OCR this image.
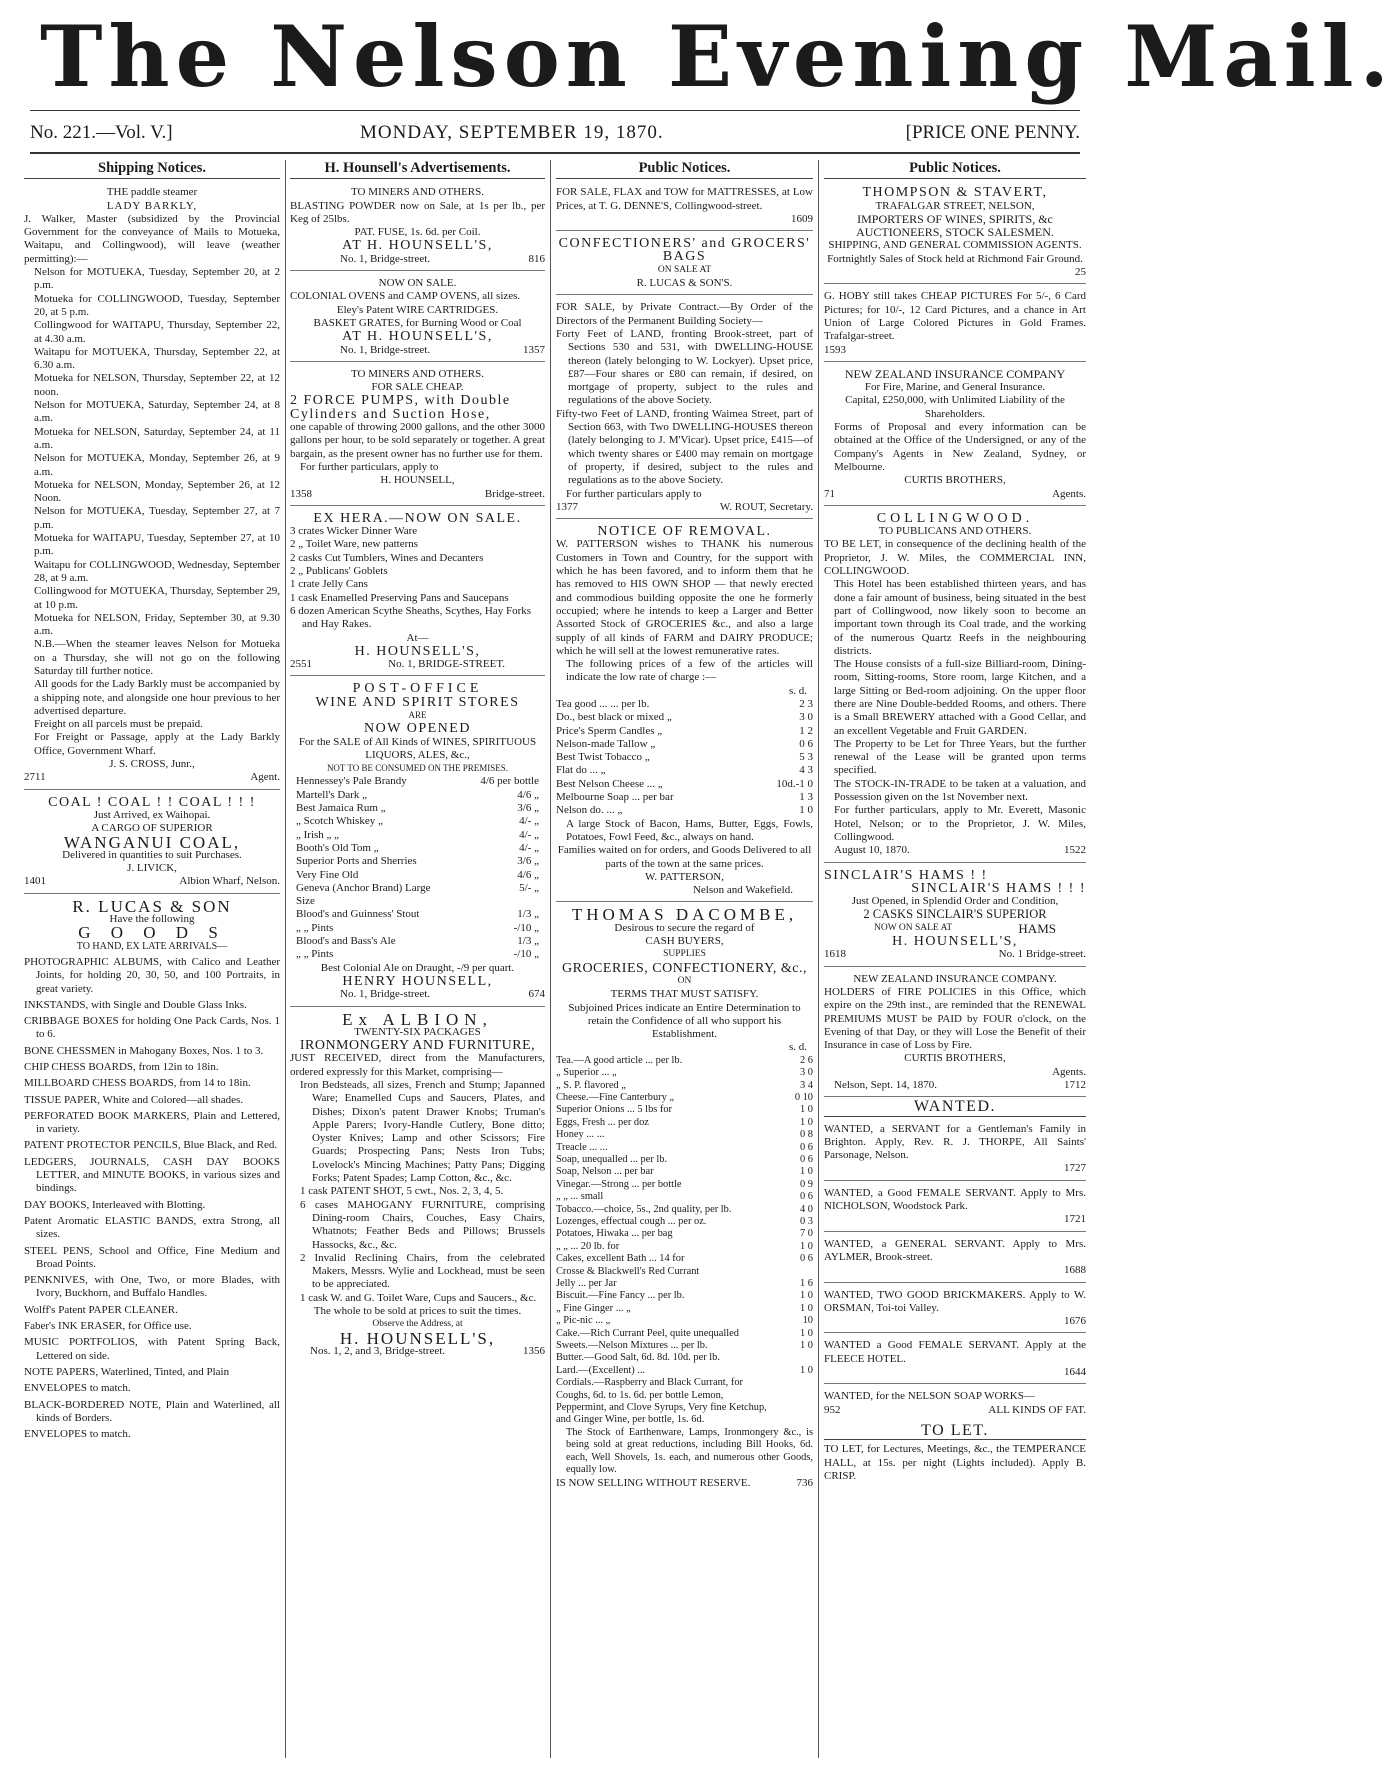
The Nelson Evening Mail.
No. 221.—Vol. V.]	MONDAY, SEPTEMBER 19, 1870.	[PRICE ONE PENNY.
Shipping Notices.
THE paddle steamer
LADY BARKLY,
J. Walker, Master (subsidized by the Provincial Government for the conveyance of Mails to Motueka, Waitapu, and Collingwood), will leave (weather permitting):—
Nelson for MOTUEKA, Tuesday, September 20, at 2 p.m.
Motueka for COLLINGWOOD, Tuesday, September 20, at 5 p.m.
Collingwood for WAITAPU, Thursday, September 22, at 4.30 a.m.
Waitapu for MOTUEKA, Thursday, September 22, at 6.30 a.m.
Motueka for NELSON, Thursday, September 22, at 12 noon.
Nelson for MOTUEKA, Saturday, September 24, at 8 a.m.
Motueka for NELSON, Saturday, September 24, at 11 a.m.
Nelson for MOTUEKA, Monday, September 26, at 9 a.m.
Motueka for NELSON, Monday, September 26, at 12 Noon.
Nelson for MOTUEKA, Tuesday, September 27, at 7 p.m.
Motueka for WAITAPU, Tuesday, September 27, at 10 p.m.
Waitapu for COLLINGWOOD, Wednesday, September 28, at 9 a.m.
Collingwood for MOTUEKA, Thursday, September 29, at 10 p.m.
Motueka for NELSON, Friday, September 30, at 9.30 a.m.
N.B.—When the steamer leaves Nelson for Motueka on a Thursday, she will not go on the following Saturday till further notice.
All goods for the Lady Barkly must be accompanied by a shipping note, and alongside one hour previous to her advertised departure.
Freight on all parcels must be prepaid.
For Freight or Passage, apply at the Lady Barkly Office, Government Wharf.
J. S. CROSS, Junr.,
2711	Agent.
COAL ! COAL ! ! COAL ! ! !
Just Arrived, ex Waihopai.
A CARGO OF SUPERIOR
WANGANUI COAL,
Delivered in quantities to suit Purchases.
J. LIVICK,
1401	Albion Wharf, Nelson.
R. LUCAS & SON
Have the following
G O O D S
TO HAND, EX LATE ARRIVALS—
PHOTOGRAPHIC ALBUMS, with Calico and Leather Joints, for holding 20, 30, 50, and 100 Portraits, in great variety.
INKSTANDS, with Single and Double Glass Inks.
CRIBBAGE BOXES for holding One Pack Cards, Nos. 1 to 6.
BONE CHESSMEN in Mahogany Boxes, Nos. 1 to 3.
CHIP CHESS BOARDS, from 12in to 18in.
MILLBOARD CHESS BOARDS, from 14 to 18in.
TISSUE PAPER, White and Colored—all shades.
PERFORATED BOOK MARKERS, Plain and Lettered, in variety.
PATENT PROTECTOR PENCILS, Blue Black, and Red.
LEDGERS, JOURNALS, CASH DAY BOOKS LETTER, and MINUTE BOOKS, in various sizes and bindings.
DAY BOOKS, Interleaved with Blotting.
Patent Aromatic ELASTIC BANDS, extra Strong, all sizes.
STEEL PENS, School and Office, Fine Medium and Broad Points.
PENKNIVES, with One, Two, or more Blades, with Ivory, Buckhorn, and Buffalo Handles.
Wolff's Patent PAPER CLEANER.
Faber's INK ERASER, for Office use.
MUSIC PORTFOLIOS, with Patent Spring Back, Lettered on side.
NOTE PAPERS, Waterlined, Tinted, and Plain
ENVELOPES to match.
BLACK-BORDERED NOTE, Plain and Waterlined, all kinds of Borders.
ENVELOPES to match.
H. Hounsell's Advertisements.
TO MINERS AND OTHERS.
BLASTING POWDER now on Sale, at 1s per lb., per Keg of 25lbs.
PAT. FUSE, 1s. 6d. per Coil.
AT H. HOUNSELL'S,
No. 1, Bridge-street.	816
NOW ON SALE.
COLONIAL OVENS and CAMP OVENS, all sizes.
Eley's Patent WIRE CARTRIDGES.
BASKET GRATES, for Burning Wood or Coal
AT H. HOUNSELL'S,
No. 1, Bridge-street.	1357
TO MINERS AND OTHERS.
FOR SALE CHEAP.
2 FORCE PUMPS, with Double Cylinders and Suction Hose,
one capable of throwing 2000 gallons, and the other 3000 gallons per hour, to be sold separately or together. A great bargain, as the present owner has no further use for them.
For further particulars, apply to
H. HOUNSELL,
1358	Bridge-street.
EX HERA.—NOW ON SALE.
3 crates Wicker Dinner Ware
2 „ Toilet Ware, new patterns
2 casks Cut Tumblers, Wines and Decanters
2 „ Publicans' Goblets
1 crate Jelly Cans
1 cask Enamelled Preserving Pans and Saucepans
6 dozen American Scythe Sheaths, Scythes, Hay Forks and Hay Rakes.
At—
H. HOUNSELL'S,
2551	No. 1, BRIDGE-STREET.
POST-OFFICE
WINE AND SPIRIT STORES
ARE
NOW OPENED
For the SALE of All Kinds of WINES, SPIRITUOUS LIQUORS, ALES, &c.,
NOT TO BE CONSUMED ON THE PREMISES.
Hennessey's Pale Brandy	4/6 per bottle
Martell's Dark „	4/6 „
Best Jamaica Rum „	3/6 „
„ Scotch Whiskey „	4/- „
„ Irish „ „	4/- „
Booth's Old Tom „	4/- „
Superior Ports and Sherries	3/6 „
Very Fine Old	4/6 „
Geneva (Anchor Brand) Large Size
5/- „
Blood's and Guinness' Stout	1/3 „
„ „ Pints	-/10 „
Blood's and Bass's Ale	1/3 „
„ „ Pints	-/10 „
Best Colonial Ale on Draught, -/9 per quart.
HENRY HOUNSELL,
No. 1, Bridge-street.	674
Ex ALBION,
TWENTY-SIX PACKAGES
IRONMONGERY AND FURNITURE,
JUST RECEIVED, direct from the Manufacturers, ordered expressly for this Market, comprising—
Iron Bedsteads, all sizes, French and Stump; Japanned Ware; Enamelled Cups and Saucers, Plates, and Dishes; Dixon's patent Drawer Knobs; Truman's Apple Parers; Ivory-Handle Cutlery, Bone ditto; Oyster Knives; Lamp and other Scissors; Fire Guards; Prospecting Pans; Nests Iron Tubs; Lovelock's Mincing Machines; Patty Pans; Digging Forks; Patent Spades; Lamp Cotton, &c., &c.
1 cask PATENT SHOT, 5 cwt., Nos. 2, 3, 4, 5.
6 cases MAHOGANY FURNITURE, comprising Dining-room Chairs, Couches, Easy Chairs, Whatnots; Feather Beds and Pillows; Brussels Hassocks, &c., &c.
2 Invalid Reclining Chairs, from the celebrated Makers, Messrs. Wylie and Lockhead, must be seen to be appreciated.
1 cask W. and G. Toilet Ware, Cups and Saucers., &c.
The whole to be sold at prices to suit the times.
Observe the Address, at
H. HOUNSELL'S,
Nos. 1, 2, and 3, Bridge-street.	1356
Public Notices.
FOR SALE, FLAX and TOW for MATTRESSES, at Low Prices, at T. G. DENNE'S, Collingwood-street.
1609
CONFECTIONERS' and GROCERS' BAGS
ON SALE AT
R. LUCAS & SON'S.
FOR SALE, by Private Contract.—By Order of the Directors of the Permanent Building Society—
Forty Feet of LAND, fronting Brook-street, part of Sections 530 and 531, with DWELLING-HOUSE thereon (lately belonging to W. Lockyer). Upset price, £87—Four shares or £80 can remain, if desired, on mortgage of property, subject to the rules and regulations of the above Society.
Fifty-two Feet of LAND, fronting Waimea Street, part of Section 663, with Two DWELLING-HOUSES thereon (lately belonging to J. M'Vicar). Upset price, £415—of which twenty shares or £400 may remain on mortgage of property, if desired, subject to the rules and regulations as to the above Society.
For further particulars apply to
1377	W. ROUT, Secretary.
NOTICE OF REMOVAL.
W. PATTERSON wishes to THANK his numerous Customers in Town and Country, for the support with which he has been favored, and to inform them that he has removed to HIS OWN SHOP — that newly erected and commodious building opposite the one he formerly occupied; where he intends to keep a Larger and Better Assorted Stock of GROCERIES &c., and also a large supply of all kinds of FARM and DAIRY PRODUCE; which he will sell at the lowest remunerative rates.
The following prices of a few of the articles will indicate the low rate of charge :—
s. d.
Tea good ... ... per lb.	2 3
Do., best black or mixed „	3 0
Price's Sperm Candles „	1 2
Nelson-made Tallow „	0 6
Best Twist Tobacco „	5 3
Flat do ... „	4 3
Best Nelson Cheese ... „	10d.-1 0
Melbourne Soap ... per bar	1 3
Nelson do. ... „	1 0
A large Stock of Bacon, Hams, Butter, Eggs, Fowls, Potatoes, Fowl Feed, &c., always on hand.
Families waited on for orders, and Goods Delivered to all parts of the town at the same prices.
W. PATTERSON,
Nelson and Wakefield.
THOMAS DACOMBE,
Desirous to secure the regard of
CASH BUYERS,
SUPPLIES
GROCERIES, CONFECTIONERY, &c.,
ON
TERMS THAT MUST SATISFY.
Subjoined Prices indicate an Entire Determination to retain the Confidence of all who support his Establishment.
s. d.
Tea.—A good article ... per lb.	2 6
„ Superior ... „	3 0
„ S. P. flavored „	3 4
Cheese.—Fine Canterbury „	0 10
Superior Onions ... 5 lbs for	1 0
Eggs, Fresh ... per doz	1 0
Honey ... ...	0 8
Treacle ... ...	0 6
Soap, unequalled ... per lb.	0 6
Soap, Nelson ... per bar	1 0
Vinegar.—Strong ... per bottle	0 9
„ „ ... small	0 6
Tobacco.—choice, 5s., 2nd quality, per lb.	4 0
Lozenges, effectual cough ... per oz.	0 3
Potatoes, Hiwaka ... per bag	7 0
„ „ ... 20 lb. for	1 0
Cakes, excellent Bath ... 14 for	0 6
Crosse & Blackwell's Red Currant
Jelly ... per Jar	1 6
Biscuit.—Fine Fancy ... per lb.	1 0
„ Fine Ginger ... „	1 0
„ Pic-nic ... „	10
Cake.—Rich Currant Peel, quite unequalled	1 0
Sweets.—Nelson Mixtures ... per lb.	1 0
Butter.—Good Salt, 6d. 8d. 10d. per lb.
Lard.—(Excellent) ...	1 0
Cordials.—Raspberry and Black Currant, for Coughs, 6d. to 1s. 6d. per bottle Lemon, Peppermint, and Clove Syrups, Very fine Ketchup, and Ginger Wine, per bottle, 1s. 6d.
The Stock of Earthenware, Lamps, Ironmongery &c., is being sold at great reductions, including Bill Hooks, 6d. each, Well Shovels, 1s. each, and numerous other Goods, equally low.
IS NOW SELLING WITHOUT RESERVE.	736
Public Notices.
THOMPSON & STAVERT,
TRAFALGAR STREET, NELSON,
IMPORTERS OF WINES, SPIRITS, &c
AUCTIONEERS, STOCK SALESMEN.
SHIPPING, AND GENERAL COMMISSION AGENTS.
Fortnightly Sales of Stock held at Richmond Fair Ground.
25
G. HOBY still takes CHEAP PICTURES For 5/-, 6 Card Pictures; for 10/-, 12 Card Pictures, and a chance in Art Union of Large Colored Pictures in Gold Frames. Trafalgar-street.
1593
NEW ZEALAND INSURANCE COMPANY
For Fire, Marine, and General Insurance.
Capital, £250,000, with Unlimited Liability of the Shareholders.
Forms of Proposal and every information can be obtained at the Office of the Undersigned, or any of the Company's Agents in New Zealand, Sydney, or Melbourne.
CURTIS BROTHERS,
71	Agents.
COLLINGWOOD.
TO PUBLICANS AND OTHERS.
TO BE LET, in consequence of the declining health of the Proprietor, J. W. Miles, the COMMERCIAL INN, COLLINGWOOD.
This Hotel has been established thirteen years, and has done a fair amount of business, being situated in the best part of Collingwood, now likely soon to become an important town through its Coal trade, and the working of the numerous Quartz Reefs in the neighbouring districts.
The House consists of a full-size Billiard-room, Dining-room, Sitting-rooms, Store room, large Kitchen, and a large Sitting or Bed-room adjoining. On the upper floor there are Nine Double-bedded Rooms, and others. There is a Small BREWERY attached with a Good Cellar, and an excellent Vegetable and Fruit GARDEN.
The Property to be Let for Three Years, but the further renewal of the Lease will be granted upon terms specified.
The STOCK-IN-TRADE to be taken at a valuation, and Possession given on the 1st November next.
For further particulars, apply to Mr. Everett, Masonic Hotel, Nelson; or to the Proprietor, J. W. Miles, Collingwood.
August 10, 1870.	1522
SINCLAIR'S HAMS ! !
SINCLAIR'S HAMS ! ! !
Just Opened, in Splendid Order and Condition,
2 CASKS SINCLAIR'S SUPERIOR
NOW ON SALE AT	HAMS
H. HOUNSELL'S,
1618	No. 1 Bridge-street.
NEW ZEALAND INSURANCE COMPANY.
HOLDERS of FIRE POLICIES in this Office, which expire on the 29th inst., are reminded that the RENEWAL PREMIUMS MUST be PAID by FOUR o'clock, on the Evening of that Day, or they will Lose the Benefit of their Insurance in case of Loss by Fire.
CURTIS BROTHERS,
Agents.
Nelson, Sept. 14, 1870.	1712
WANTED.
WANTED, a SERVANT for a Gentleman's Family in Brighton. Apply, Rev. R. J. THORPE, All Saints' Parsonage, Nelson.
1727
WANTED, a Good FEMALE SERVANT. Apply to Mrs. NICHOLSON, Woodstock Park.
1721
WANTED, a GENERAL SERVANT. Apply to Mrs. AYLMER, Brook-street.
1688
WANTED, TWO GOOD BRICKMAKERS. Apply to W. ORSMAN, Toi-toi Valley.
1676
WANTED a Good FEMALE SERVANT. Apply at the FLEECE HOTEL.
1644
WANTED, for the NELSON SOAP WORKS—
952	ALL KINDS OF FAT.
TO LET.
TO LET, for Lectures, Meetings, &c., the TEMPERANCE HALL, at 15s. per night (Lights included). Apply B. CRISP.
